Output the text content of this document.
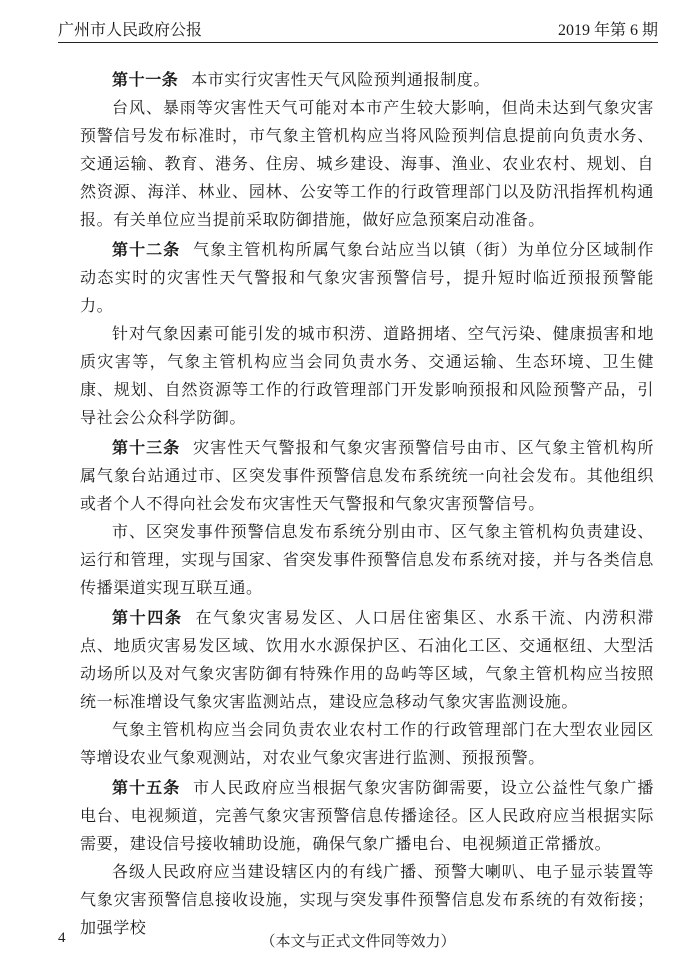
广州市人民政府公报	2019 年第 6 期

第十一条 本市实行灾害性天气风险预判通报制度。

台风、暴雨等灾害性天气可能对本市产生较大影响，但尚未达到气象灾害预警信号发布标准时，市气象主管机构应当将风险预判信息提前向负责水务、交通运输、教育、港务、住房、城乡建设、海事、渔业、农业农村、规划、自然资源、海洋、林业、园林、公安等工作的行政管理部门以及防汛指挥机构通报。有关单位应当提前采取防御措施，做好应急预案启动准备。

第十二条 气象主管机构所属气象台站应当以镇（街）为单位分区域制作动态实时的灾害性天气警报和气象灾害预警信号，提升短时临近预报预警能力。

针对气象因素可能引发的城市积涝、道路拥堵、空气污染、健康损害和地质灾害等，气象主管机构应当会同负责水务、交通运输、生态环境、卫生健康、规划、自然资源等工作的行政管理部门开发影响预报和风险预警产品，引导社会公众科学防御。

第十三条 灾害性天气警报和气象灾害预警信号由市、区气象主管机构所属气象台站通过市、区突发事件预警信息发布系统统一向社会发布。其他组织或者个人不得向社会发布灾害性天气警报和气象灾害预警信号。

市、区突发事件预警信息发布系统分别由市、区气象主管机构负责建设、运行和管理，实现与国家、省突发事件预警信息发布系统对接，并与各类信息传播渠道实现互联互通。

第十四条 在气象灾害易发区、人口居住密集区、水系干流、内涝积滞点、地质灾害易发区域、饮用水水源保护区、石油化工区、交通枢纽、大型活动场所以及对气象灾害防御有特殊作用的岛屿等区域，气象主管机构应当按照统一标准增设气象灾害监测站点，建设应急移动气象灾害监测设施。

气象主管机构应当会同负责农业农村工作的行政管理部门在大型农业园区等增设农业气象观测站，对农业气象灾害进行监测、预报预警。

第十五条 市人民政府应当根据气象灾害防御需要，设立公益性气象广播电台、电视频道，完善气象灾害预警信息传播途径。区人民政府应当根据实际需要，建设信号接收辅助设施，确保气象广播电台、电视频道正常播放。

各级人民政府应当建设辖区内的有线广播、预警大喇叭、电子显示装置等气象灾害预警信息接收设施，实现与突发事件预警信息发布系统的有效衔接；加强学校

4	（本文与正式文件同等效力）
